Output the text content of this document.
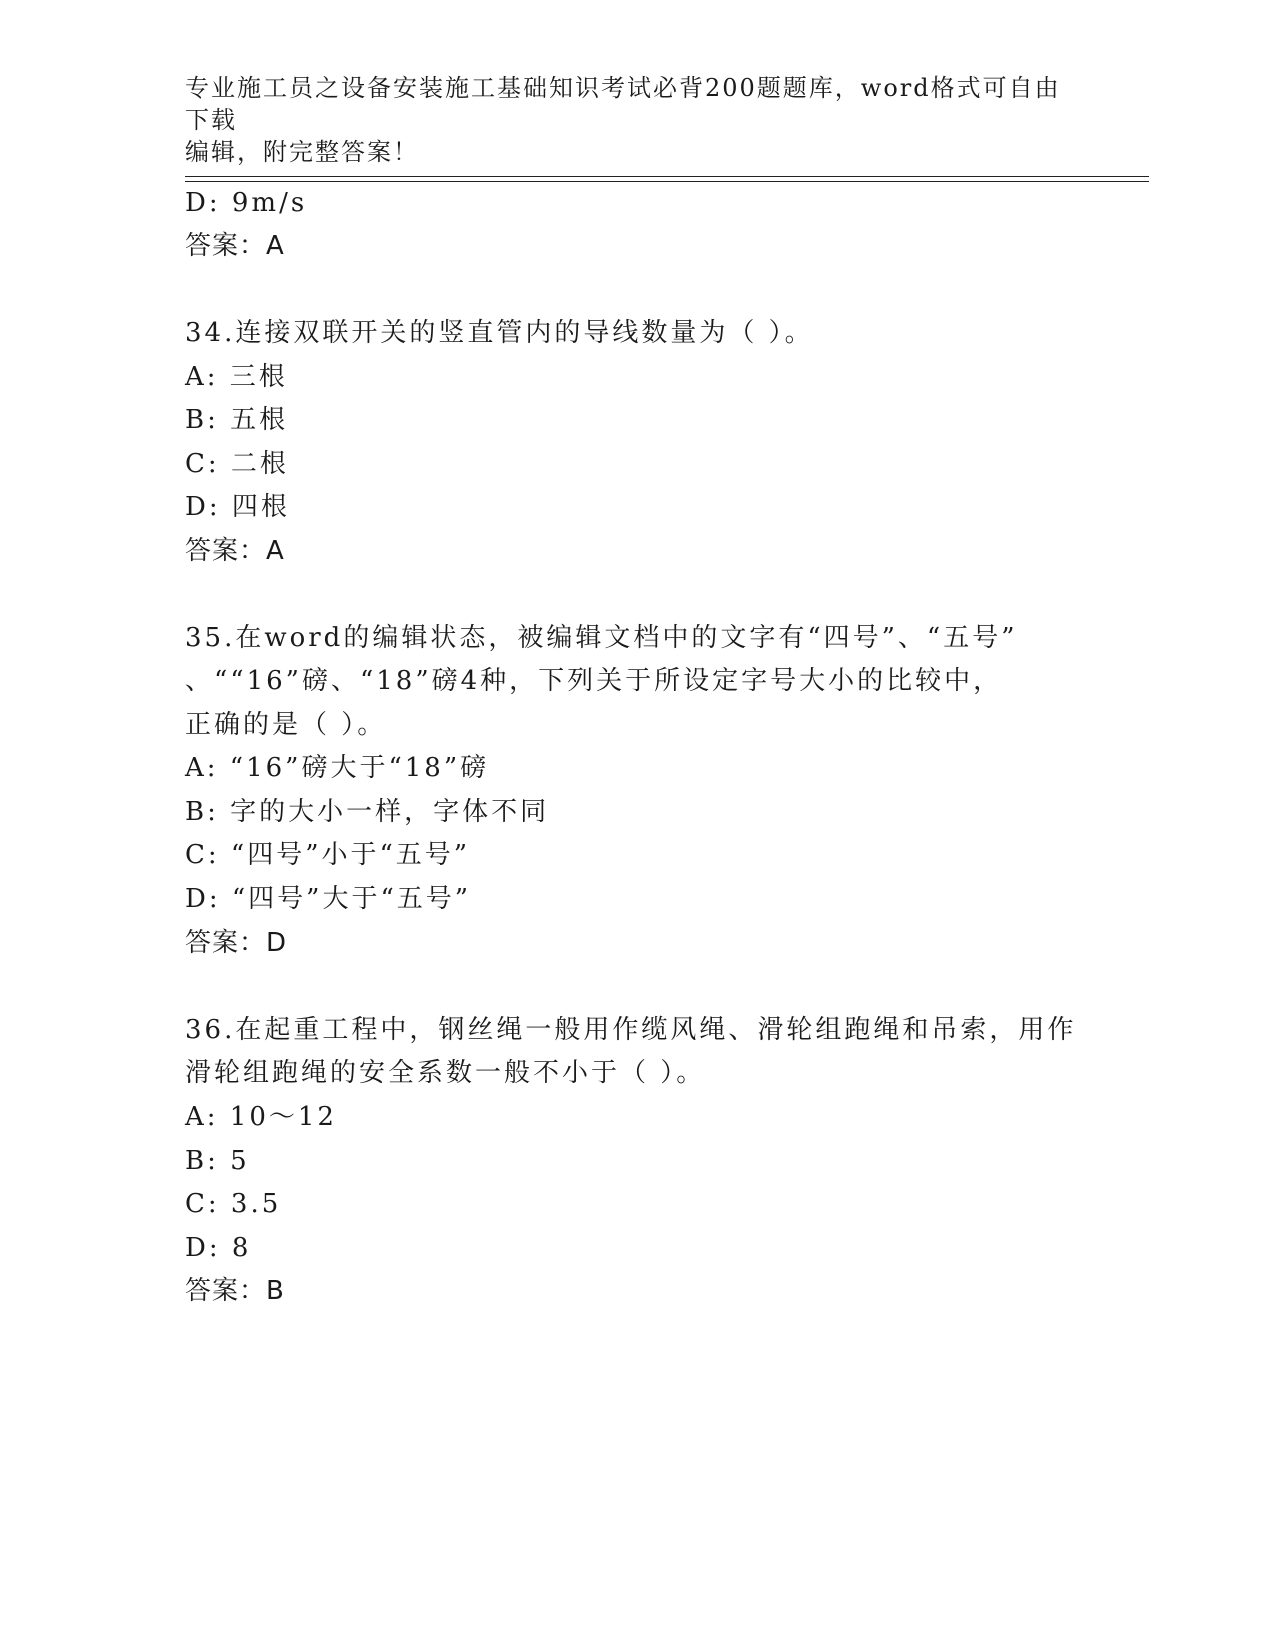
专业施工员之设备安装施工基础知识考试必背200题题库，word格式可自由下载
编辑，附完整答案！
D: 9m/s
答案：A
34.连接双联开关的竖直管内的导线数量为（ ）。
A: 三根
B: 五根
C: 二根
D: 四根
答案：A
35.在word的编辑状态，被编辑文档中的文字有“四号”、“五号”
、““16”磅、“18”磅4种，下列关于所设定字号大小的比较中，
正确的是（ ）。
A: “16”磅大于“18”磅
B: 字的大小一样，字体不同
C: “四号”小于“五号”
D: “四号”大于“五号”
答案：D
36.在起重工程中，钢丝绳一般用作缆风绳、滑轮组跑绳和吊索，用作
滑轮组跑绳的安全系数一般不小于（ ）。
A: 10～12
B: 5
C: 3.5
D: 8
答案：B
